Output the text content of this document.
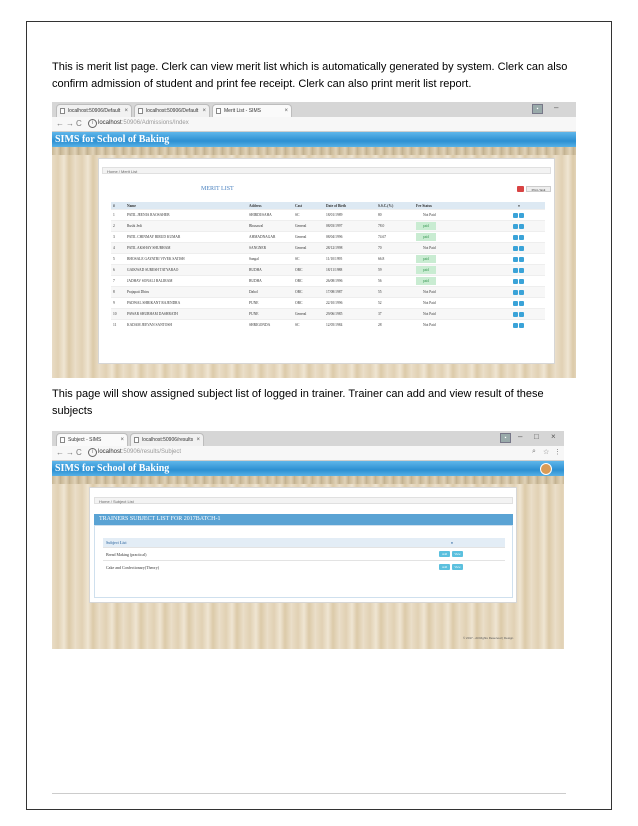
This is merit list page. Clerk can view merit list which is automatically generated by system. Clerk can also confirm admission of student and print fee receipt. Clerk can also print merit list report.

localhost:50906/Default ×	localhost:50906/Default ×	Merit List - SIMS	×	▪	–
← → C	i localhost:50906/Admissions/Index
SIMS for School of Baking
Home / Merit List
MERIT LIST	Print / Exit
#	Name	Address	Cast	Date of Birth	S.S.C.(%)	Fee Status	●
1	PATIL JEENIA RAOSAHEB	SHIRDI/SAHA	SC	18/01/1989	80	Not Paid	
2	Rushi Jedi	Bhusawal	General	08/03/1997	78.0	paid	
3	PATIL CHINMAY BIRUD KUMAR	AHMADNAGAR	General	08/04/1996	74.67	paid	
4	PATIL AKSHAY SHUBHAM	SANGNER	General	28/12/1998	70	Not Paid	
5	BHOSALE GAYATRI VIVEK SATISH	Sangal	SC	11/10/1995	66.8	paid	
6	GAIKWAD SURESH TATYARAO	BUDHA	OBC	18/11/1988	59	paid	
7	JADHAV SONALI BALIRAM	BUDHA	OBC	26/08/1996	56	paid	
8	Prajapati Dhiru	Dabol	OBC	17/08/1987	55	Not Paid	
9	PADWAL SHRIKANT RAJENDRA	PUNE	OBC	22/10/1996	52	Not Paid	
10	PAWAR SHUBHAM DASHRATH	PUNE	General	29/06/1985	37	Not Paid	
11	KADAM JEEVAN SANTOSH	SHRIGONDA	SC	12/05/1984	28	Not Paid	

This page will show assigned subject list of logged in trainer. Trainer can add and view result of these subjects

Subject - SIMS	×	localhost:50906/results ×	▪	– □ ×
← → C	i localhost:50906/results/Subject	⌕ ☆ ⋮
SIMS for School of Baking
Home / Subject List
TRAINERS SUBJECT LIST FOR 2017BATCH-1
Subject List	●
Bread Making (practical)	Add View
Cake and Confectionary(Theory)	Add View
© 2017 - All Rights Reserved | Design
